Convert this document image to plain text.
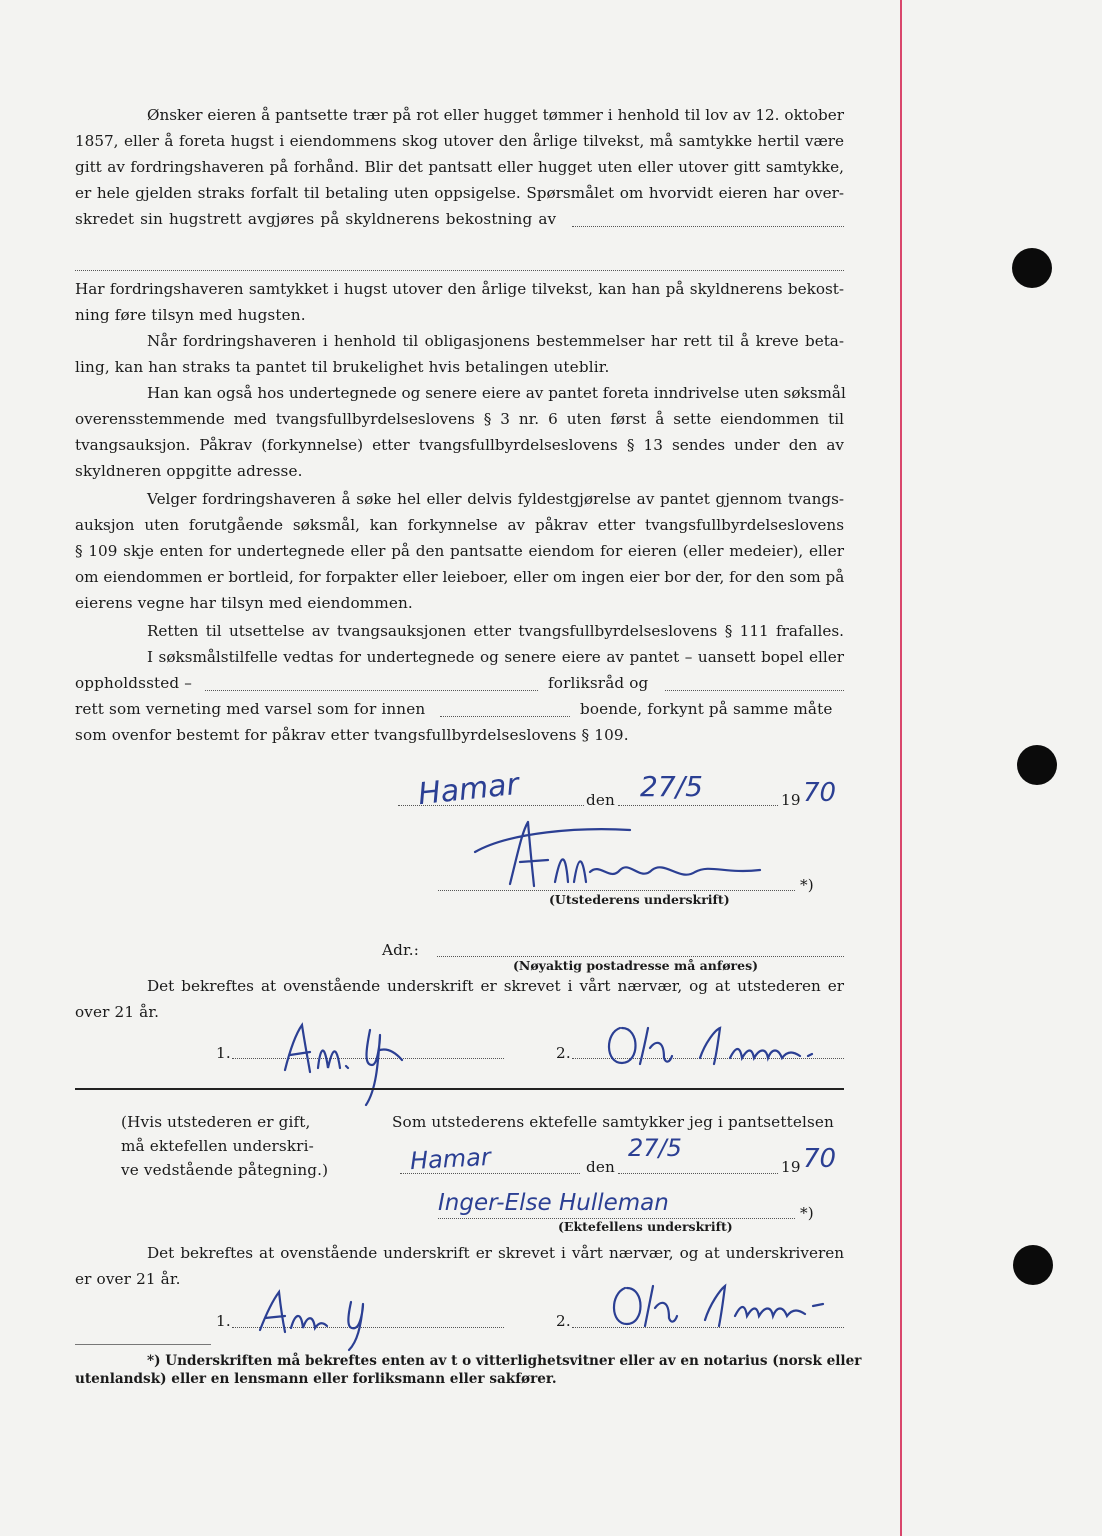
Ønsker eieren å pantsette trær på rot eller hugget tømmer i henhold til lov av 12. oktober
1857, eller å foreta hugst i eiendommens skog utover den årlige tilvekst, må samtykke hertil være
gitt av fordringshaveren på forhånd. Blir det pantsatt eller hugget uten eller utover gitt samtykke,
er hele gjelden straks forfalt til betaling uten oppsigelse. Spørsmålet om hvorvidt eieren har over-
skredet sin hugstrett avgjøres på skyldnerens bekostning av
Har fordringshaveren samtykket i hugst utover den årlige tilvekst, kan han på skyldnerens bekost-
ning føre tilsyn med hugsten.
Når fordringshaveren i henhold til obligasjonens bestemmelser har rett til å kreve beta-
ling, kan han straks ta pantet til brukelighet hvis betalingen uteblir.
Han kan også hos undertegnede og senere eiere av pantet foreta inndrivelse uten søksmål
overensstemmende med tvangsfullbyrdelseslovens § 3 nr. 6 uten først å sette eiendommen til
tvangsauksjon. Påkrav (forkynnelse) etter tvangsfullbyrdelseslovens § 13 sendes under den av
skyldneren oppgitte adresse.
Velger fordringshaveren å søke hel eller delvis fyldestgjørelse av pantet gjennom tvangs-
auksjon uten forutgående søksmål, kan forkynnelse av påkrav etter tvangsfullbyrdelseslovens
§ 109 skje enten for undertegnede eller på den pantsatte eiendom for eieren (eller medeier), eller
om eiendommen er bortleid, for forpakter eller leieboer, eller om ingen eier bor der, for den som på
eierens vegne har tilsyn med eiendommen.
Retten til utsettelse av tvangsauksjonen etter tvangsfullbyrdelseslovens § 111 frafalles.
I søksmålstilfelle vedtas for undertegnede og senere eiere av pantet – uansett bopel eller
oppholdssted –	forliksråd og
rett som verneting med varsel som for innen	boende, forkynt på samme måte
som ovenfor bestemt for påkrav etter tvangsfullbyrdelseslovens § 109.
Hamar	den 27/5	19 70
*)
(Utstederens underskrift)
Adr.:
(Nøyaktig postadresse må anføres)
Det bekreftes at ovenstående underskrift er skrevet i vårt nærvær, og at utstederen er
over 21 år.
1.	2.
(Hvis utstederen er gift,
må ektefellen underskri-
ve vedstående påtegning.)
Som utstederens ektefelle samtykker jeg i pantsettelsen
Hamar	den
27/5
19 70
Inger-Else Hulleman	*)
(Ektefellens underskrift)
Det bekreftes at ovenstående underskrift er skrevet i vårt nærvær, og at underskriveren
er over 21 år.
1.	2.
*) Underskriften må bekreftes enten av t o vitterlighetsvitner eller av en notarius (norsk eller
utenlandsk) eller en lensmann eller forliksmann eller sakfører.
